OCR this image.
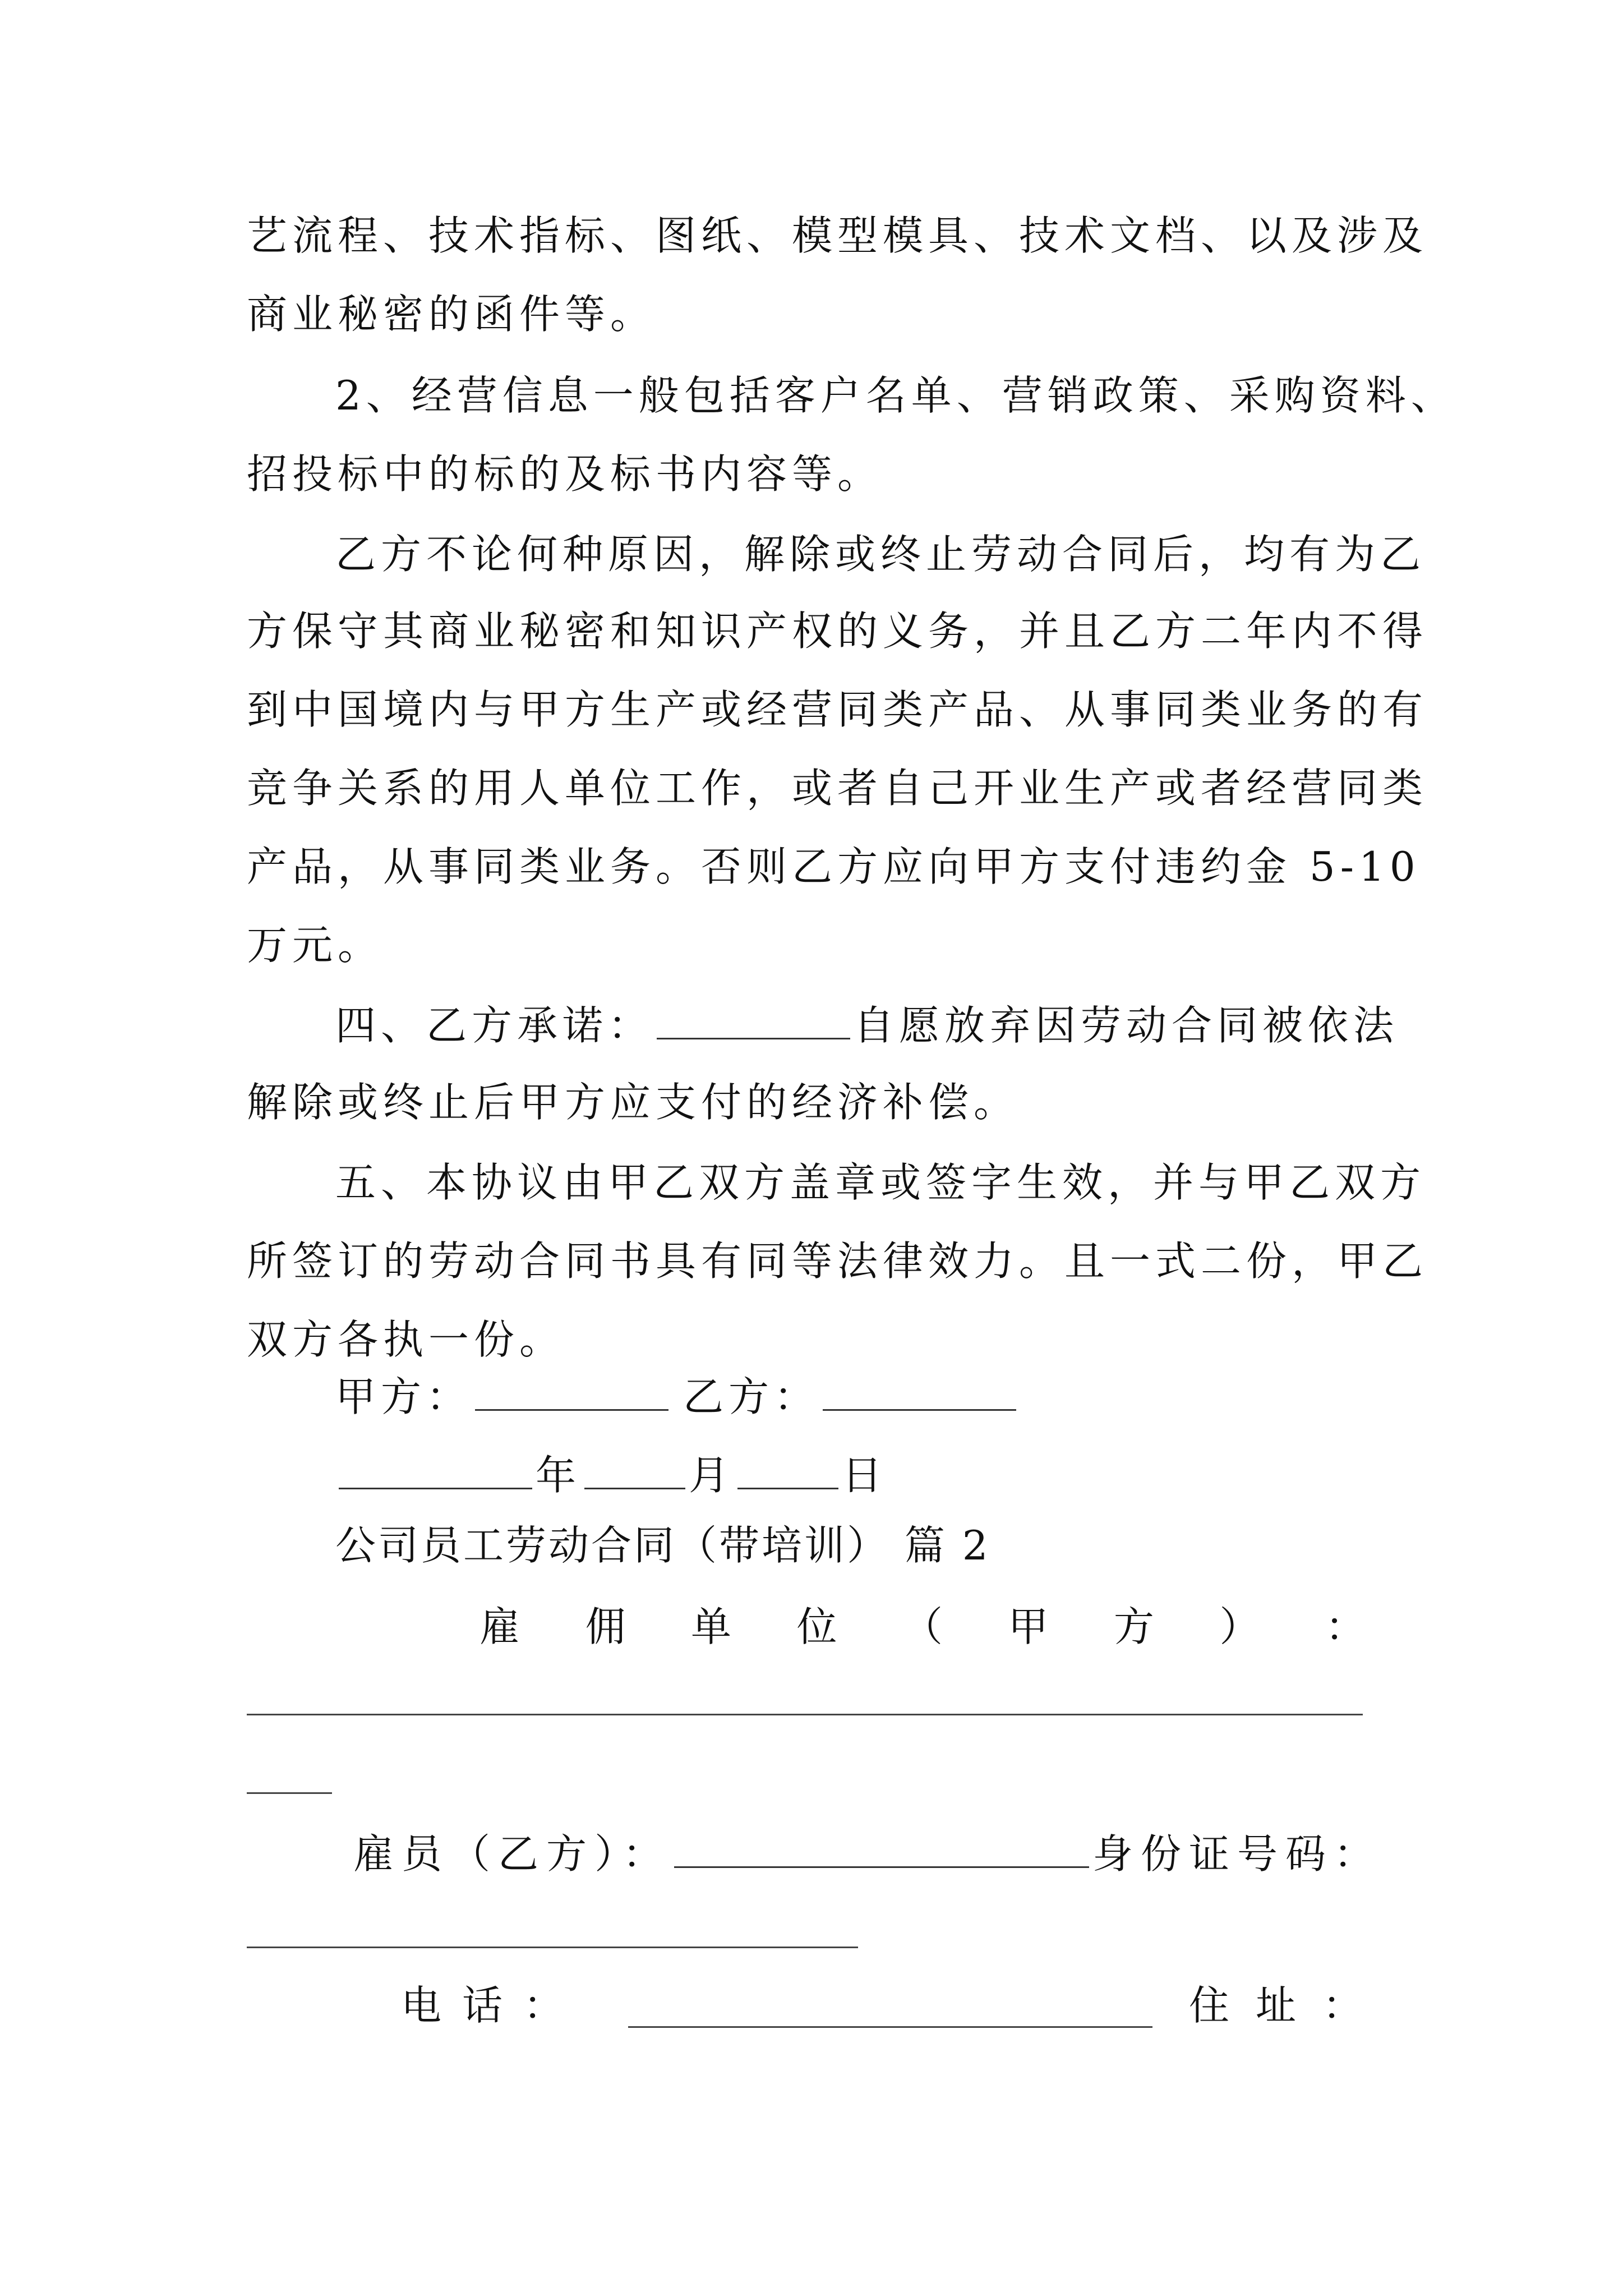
艺流程、技术指标、图纸、模型模具、技术文档、以及涉及
商业秘密的函件等。
2、经营信息一般包括客户名单、营销政策、采购资料、
招投标中的标的及标书内容等。
乙方不论何种原因，解除或终止劳动合同后，均有为乙
方保守其商业秘密和知识产权的义务，并且乙方二年内不得
到中国境内与甲方生产或经营同类产品、从事同类业务的有
竞争关系的用人单位工作，或者自己开业生产或者经营同类
产品，从事同类业务。否则乙方应向甲方支付违约金 5-10
万元。
四、乙方承诺：	自愿放弃因劳动合同被依法
解除或终止后甲方应支付的经济补偿。
五、本协议由甲乙双方盖章或签字生效，并与甲乙双方
所签订的劳动合同书具有同等法律效力。且一式二份，甲乙
双方各执一份。
甲方：	乙方：
年	月	日
公司员工劳动合同（带培训） 篇 2
雇 佣 单 位 （ 甲 方 ） ：
雇员（乙方）：	身份证号码：
电 话 ：	住 址 ：
